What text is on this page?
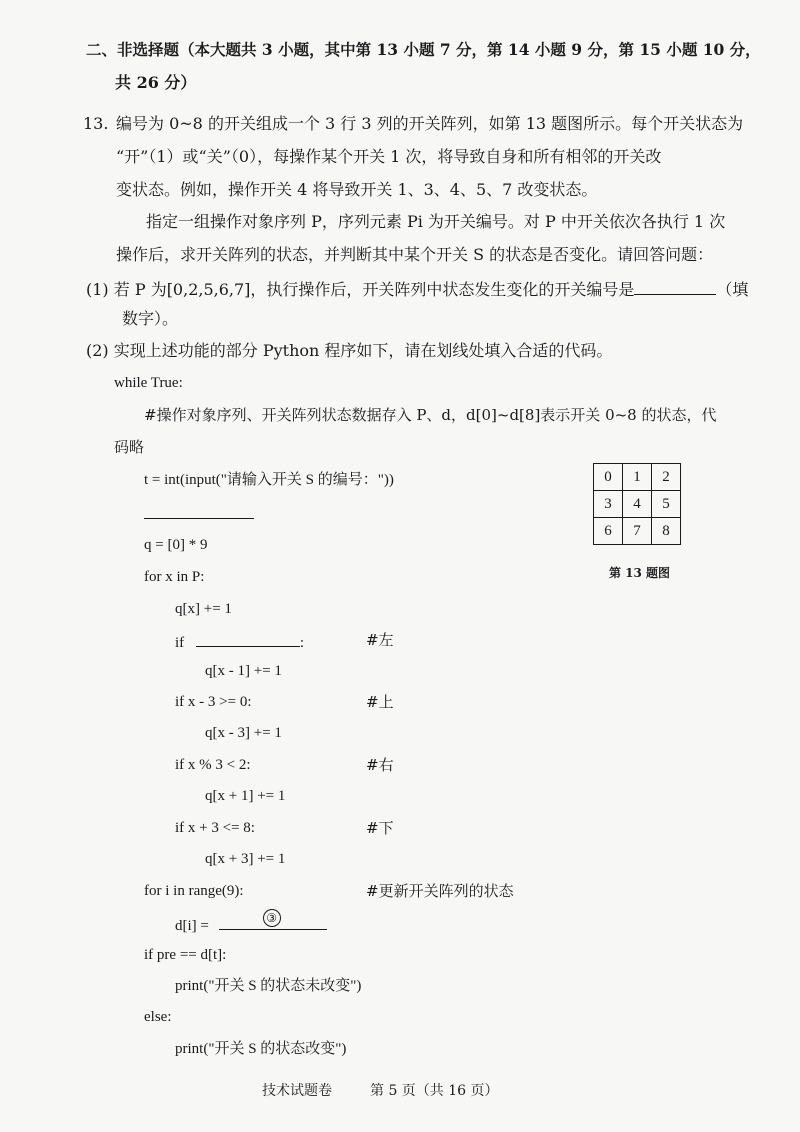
二、非选择题（本大题共 3 小题，其中第 13 小题 7 分，第 14 小题 9 分，第 15 小题 10 分，
共 26 分）
13. 编号为 0~8 的开关组成一个 3 行 3 列的开关阵列，如第 13 题图所示。每个开关状态为
“开”（1）或“关”（0），每操作某个开关 1 次，将导致自身和所有相邻的开关改
变状态。例如，操作开关 4 将导致开关 1、3、4、5、7 改变状态。
指定一组操作对象序列 P，序列元素 Pi 为开关编号。对 P 中开关依次各执行 1 次
操作后，求开关阵列的状态，并判断其中某个开关 S 的状态是否变化。请回答问题：
(1) 若 P 为[0,2,5,6,7]，执行操作后，开关阵列中状态发生变化的开关编号是	（填
数字）。
(2) 实现上述功能的部分 Python 程序如下，请在划线处填入合适的代码。
while True:
#操作对象序列、开关阵列状态数据存入 P、d，d[0]~d[8]表示开关 0~8 的状态，代
码略
t = int(input("请输入开关 S 的编号："))
q = [0] * 9
for x in P:
q[x] += 1
if	:	#左
q[x - 1] += 1
if x - 3 >= 0:	#上
q[x - 3] += 1
if x % 3 < 2:	#右
q[x + 1] += 1
if x + 3 <= 8:	#下
q[x + 3] += 1
for i in range(9):	#更新开关阵列的状态
d[i] =	③
if pre == d[t]:
print("开关 S 的状态未改变")
else:
print("开关 S 的状态改变")
0	1	2
3	4	5
6	7	8
第 13 题图
技术试题卷	第 5 页（共 16 页）
